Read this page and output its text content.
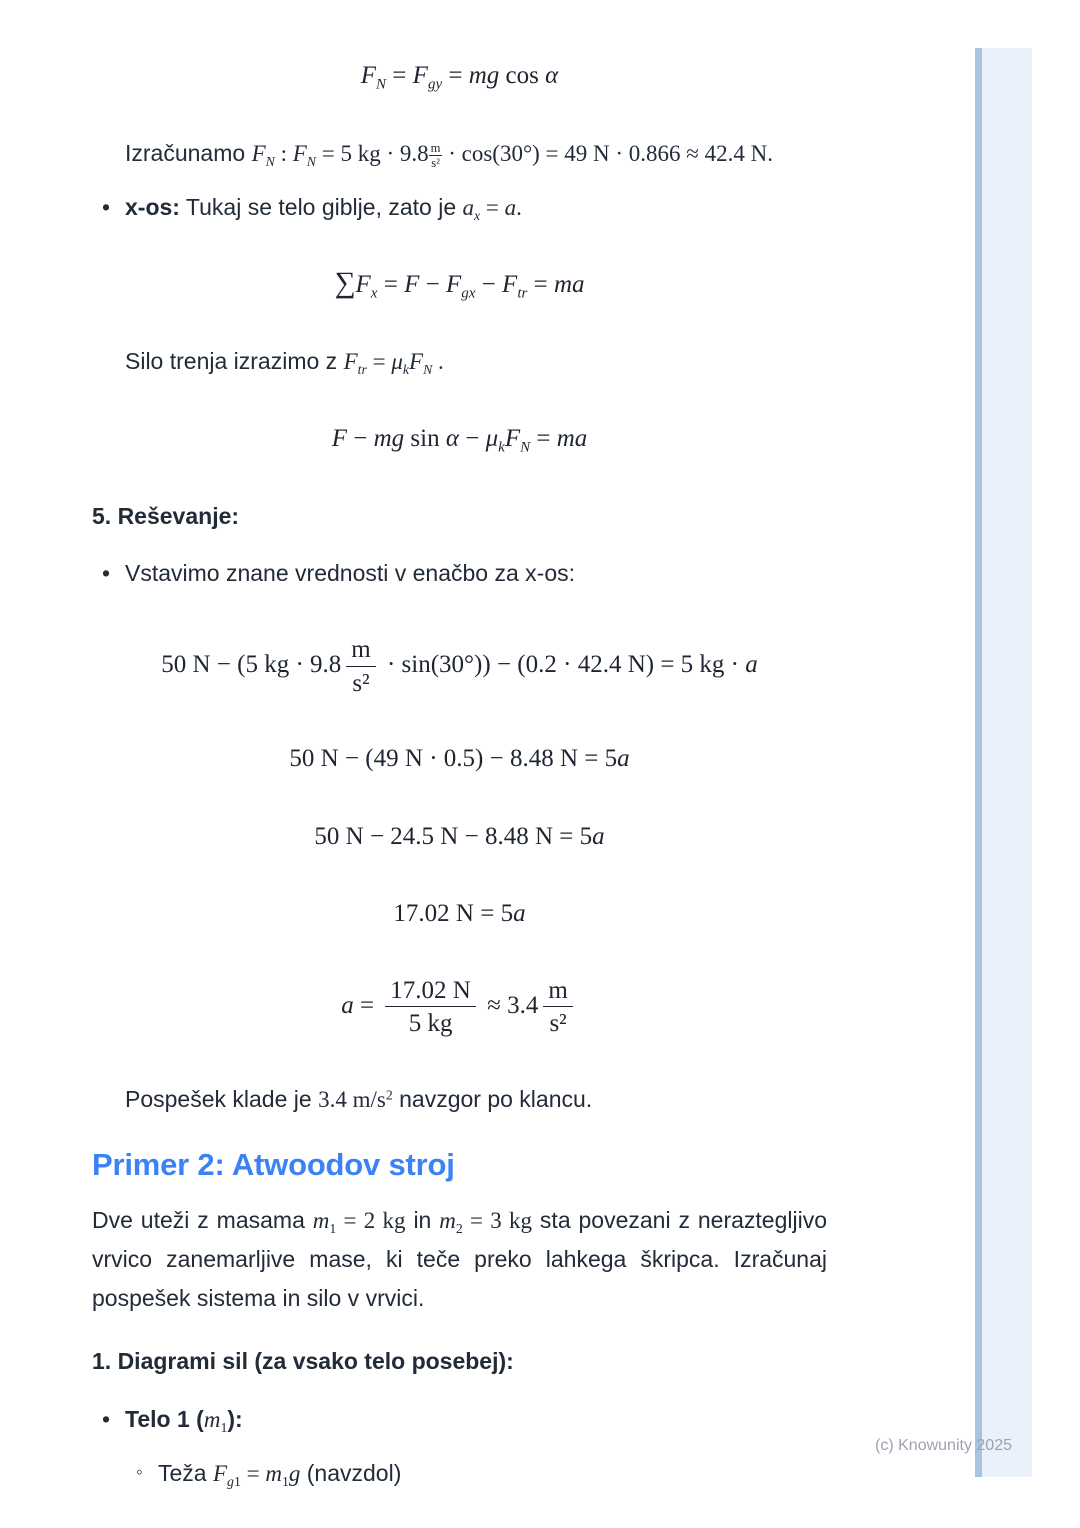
$F_N = F_{gy}$ = mg cos α
Izračunamo $F_N$ : $F_N = 5$ kg · $9.8 \frac{m}{\text{s²}} \cdot \cos(30^\circ) = 49$ N · 0.866 ≈ 42.4 N.
• x-os: Tukaj se telo giblje, zato je $a_x = a$.
$\sum F_x = F - F_{gx} - F_{tr}$ = ma
Silo trenja izrazimo z $F_{tr} = \mu_kF_N$ .
F − mg $\sin \alpha - \mu_kF_N$ = ma
5. Reševanje:
• Vstavimo znane vrednosti v enačbo za x-os:
50 N − (5 kg · $9.8 \frac{m}{\text{s²}} \cdot \sin(30^\circ)) - (0.2 \cdot 42.4$ N) = 5 kg · a
50 N − (49 N · 0.5) − 8.48 N = 5a
50 N − 24.5 N − 8.48 N = 5a
17.02 N = 5a
$a = \frac{17.02 N}{5 kg} \approx 3.4 \frac{m}{\text{s²}}$
Pospešek klade je 3.4 $m/s^2$ navzgor po klancu.
Primer 2: Atwoodov stroj
Dve uteži z masama $m_1 = 2$ kg in $m_2 = 3$ kg sta povezani z neraztegljivo vrvico zanemarljive mase, ki teče preko lahkega škripca. Izračunaj pospešek sistema in silo v vrvici.
1. Diagrami sil (za vsako telo posebej):
• Telo 1 $(m_1)$:
◦ Teža $F_{g1} = m_1g$ (navzdol)
(c) Knowunity 2025
